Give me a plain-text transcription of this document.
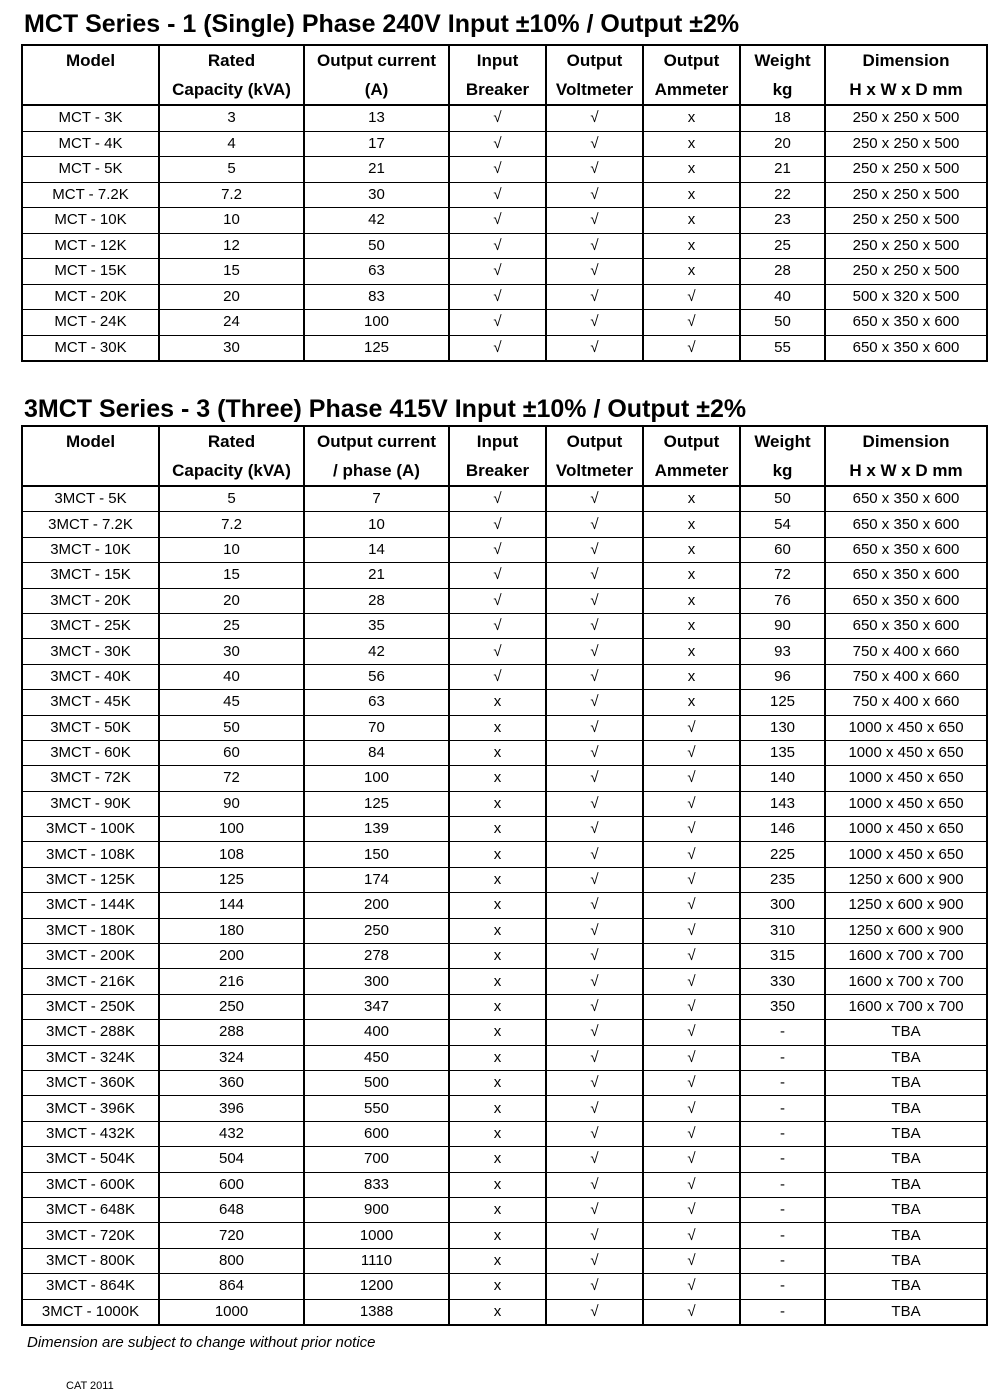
MCT Series - 1 (Single) Phase 240V Input ±10% / Output ±2%
Model	Rated	Output current	Input	Output	Output	Weight	Dimension
	Capacity (kVA)	(A)	Breaker	Voltmeter	Ammeter	kg	H x W x D mm
MCT - 3K	3	13	√	√	x	18	250 x 250 x 500
MCT - 4K	4	17	√	√	x	20	250 x 250 x 500
MCT - 5K	5	21	√	√	x	21	250 x 250 x 500
MCT - 7.2K	7.2	30	√	√	x	22	250 x 250 x 500
MCT - 10K	10	42	√	√	x	23	250 x 250 x 500
MCT - 12K	12	50	√	√	x	25	250 x 250 x 500
MCT - 15K	15	63	√	√	x	28	250 x 250 x 500
MCT - 20K	20	83	√	√	√	40	500 x 320 x 500
MCT - 24K	24	100	√	√	√	50	650 x 350 x 600
MCT - 30K	30	125	√	√	√	55	650 x 350 x 600
3MCT Series - 3 (Three) Phase 415V Input ±10% / Output ±2%
Model	Rated	Output current	Input	Output	Output	Weight	Dimension
	Capacity (kVA)	/ phase (A)	Breaker	Voltmeter	Ammeter	kg	H x W x D mm
3MCT - 5K	5	7	√	√	x	50	650 x 350 x 600
3MCT - 7.2K	7.2	10	√	√	x	54	650 x 350 x 600
3MCT - 10K	10	14	√	√	x	60	650 x 350 x 600
3MCT - 15K	15	21	√	√	x	72	650 x 350 x 600
3MCT - 20K	20	28	√	√	x	76	650 x 350 x 600
3MCT - 25K	25	35	√	√	x	90	650 x 350 x 600
3MCT - 30K	30	42	√	√	x	93	750 x 400 x 660
3MCT - 40K	40	56	√	√	x	96	750 x 400 x 660
3MCT - 45K	45	63	x	√	x	125	750 x 400 x 660
3MCT - 50K	50	70	x	√	√	130	1000 x 450 x 650
3MCT - 60K	60	84	x	√	√	135	1000 x 450 x 650
3MCT - 72K	72	100	x	√	√	140	1000 x 450 x 650
3MCT - 90K	90	125	x	√	√	143	1000 x 450 x 650
3MCT - 100K	100	139	x	√	√	146	1000 x 450 x 650
3MCT - 108K	108	150	x	√	√	225	1000 x 450 x 650
3MCT - 125K	125	174	x	√	√	235	1250 x 600 x 900
3MCT - 144K	144	200	x	√	√	300	1250 x 600 x 900
3MCT - 180K	180	250	x	√	√	310	1250 x 600 x 900
3MCT - 200K	200	278	x	√	√	315	1600 x 700 x 700
3MCT - 216K	216	300	x	√	√	330	1600 x 700 x 700
3MCT - 250K	250	347	x	√	√	350	1600 x 700 x 700
3MCT - 288K	288	400	x	√	√	-	TBA
3MCT - 324K	324	450	x	√	√	-	TBA
3MCT - 360K	360	500	x	√	√	-	TBA
3MCT - 396K	396	550	x	√	√	-	TBA
3MCT - 432K	432	600	x	√	√	-	TBA
3MCT - 504K	504	700	x	√	√	-	TBA
3MCT - 600K	600	833	x	√	√	-	TBA
3MCT - 648K	648	900	x	√	√	-	TBA
3MCT - 720K	720	1000	x	√	√	-	TBA
3MCT - 800K	800	1110	x	√	√	-	TBA
3MCT - 864K	864	1200	x	√	√	-	TBA
3MCT - 1000K	1000	1388	x	√	√	-	TBA
Dimension are subject to change without prior notice
CAT 2011
